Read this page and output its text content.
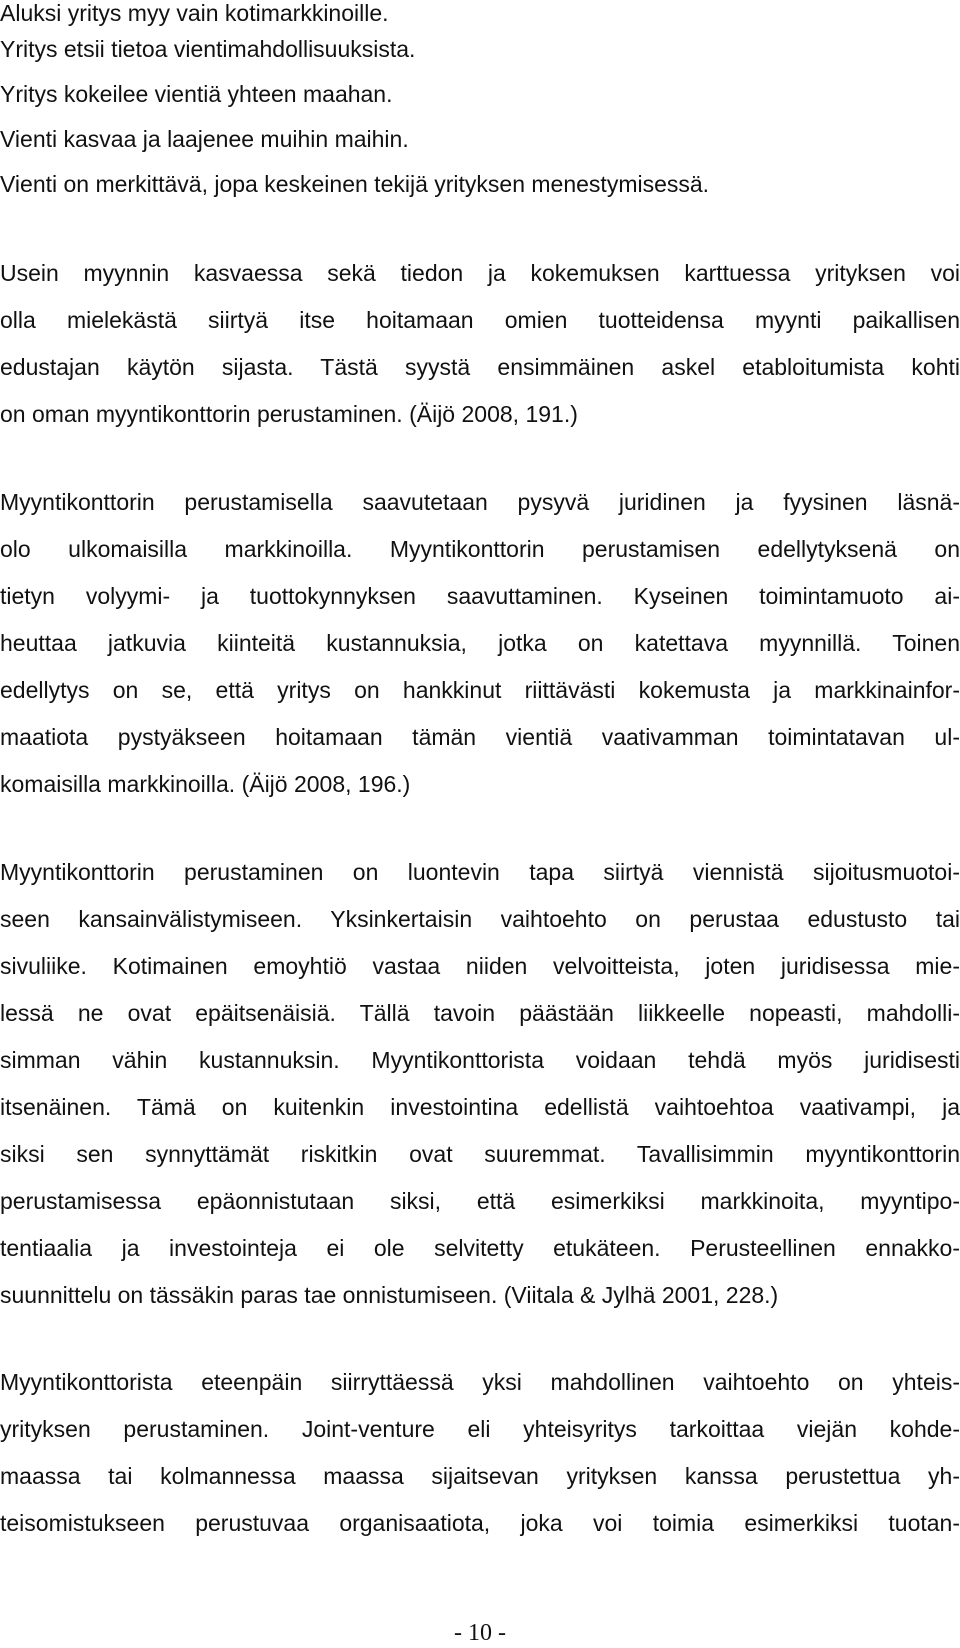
Aluksi yritys myy vain kotimarkkinoille.
Yritys etsii tietoa vientimahdollisuuksista.
Yritys kokeilee vientiä yhteen maahan.
Vienti kasvaa ja laajenee muihin maihin.
Vienti on merkittävä, jopa keskeinen tekijä yrityksen menestymisessä.
Usein myynnin kasvaessa sekä tiedon ja kokemuksen karttuessa yrityksen voi
olla mielekästä siirtyä itse hoitamaan omien tuotteidensa myynti paikallisen
edustajan käytön sijasta. Tästä syystä ensimmäinen askel etabloitumista kohti
on oman myyntikonttorin perustaminen. (Äijö 2008, 191.)
Myyntikonttorin perustamisella saavutetaan pysyvä juridinen ja fyysinen läsnä-
olo ulkomaisilla markkinoilla. Myyntikonttorin perustamisen edellytyksenä on
tietyn volyymi- ja tuottokynnyksen saavuttaminen. Kyseinen toimintamuoto ai-
heuttaa jatkuvia kiinteitä kustannuksia, jotka on katettava myynnillä. Toinen
edellytys on se, että yritys on hankkinut riittävästi kokemusta ja markkinainfor-
maatiota pystyäkseen hoitamaan tämän vientiä vaativamman toimintatavan ul-
komaisilla markkinoilla. (Äijö 2008, 196.)
Myyntikonttorin perustaminen on luontevin tapa siirtyä viennistä sijoitusmuotoi-
seen kansainvälistymiseen. Yksinkertaisin vaihtoehto on perustaa edustusto tai
sivuliike. Kotimainen emoyhtiö vastaa niiden velvoitteista, joten juridisessa mie-
lessä ne ovat epäitsenäisiä. Tällä tavoin päästään liikkeelle nopeasti, mahdolli-
simman vähin kustannuksin. Myyntikonttorista voidaan tehdä myös juridisesti
itsenäinen. Tämä on kuitenkin investointina edellistä vaihtoehtoa vaativampi, ja
siksi sen synnyttämät riskitkin ovat suuremmat. Tavallisimmin myyntikonttorin
perustamisessa epäonnistutaan siksi, että esimerkiksi markkinoita, myyntipo-
tentiaalia ja investointeja ei ole selvitetty etukäteen. Perusteellinen ennakko-
suunnittelu on tässäkin paras tae onnistumiseen. (Viitala & Jylhä 2001, 228.)
Myyntikonttorista eteenpäin siirryttäessä yksi mahdollinen vaihtoehto on yhteis-
yrityksen perustaminen. Joint-venture eli yhteisyritys tarkoittaa viejän kohde-
maassa tai kolmannessa maassa sijaitsevan yrityksen kanssa perustettua yh-
teisomistukseen perustuvaa organisaatiota, joka voi toimia esimerkiksi tuotan-
- 10 -
